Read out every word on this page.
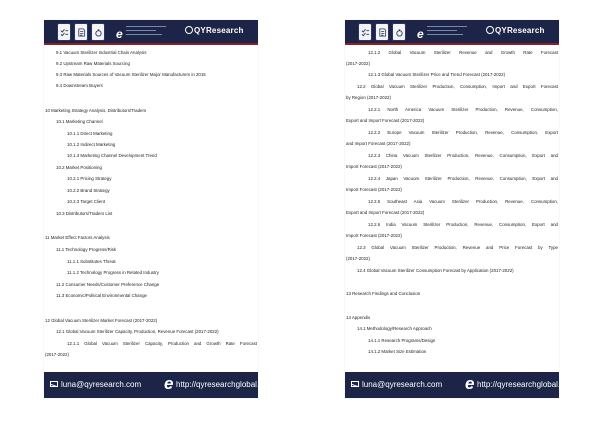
e	QYResearch
9.1 Vacuum Sterilizer Industrial Chain Analysis
9.2 Upstream Raw Materials Sourcing
9.3 Raw Materials Sources of Vacuum Sterilizer Major Manufacturers in 2015
9.4 Downstream Buyers
10 Marketing Strategy Analysis, Distributors/Traders
10.1 Marketing Channel
10.1.1 Direct Marketing
10.1.2 Indirect Marketing
10.1.3 Marketing Channel Development Trend
10.2 Market Positioning
10.2.1 Pricing Strategy
10.2.2 Brand Strategy
10.2.3 Target Client
10.3 Distributors/Traders List
11 Market Effect Factors Analysis
11.1 Technology Progress/Risk
11.1.1 Substitutes Threat
11.1.2 Technology Progress in Related Industry
11.2 Consumer Needs/Customer Preference Change
11.3 Economic/Political Environmental Change
12 Global Vacuum Sterilizer Market Forecast (2017-2022)
12.1 Global Vacuum Sterilizer Capacity, Production, Revenue Forecast (2017-2022)
12.1.1 Global Vacuum Sterilizer Capacity, Production and Growth Rate Forecast
(2017-2022)
luna@qyresearch.com e http://qyresearchglobal.com
e	QYResearch
12.1.2 Global Vacuum Sterilizer Revenue and Growth Rate Forecast
(2017-2022)
12.1.3 Global Vacuum Sterilizer Price and Trend Forecast (2017-2022)
12.2 Global Vacuum Sterilizer Production, Consumption, Import and Export Forecast
by Region (2017-2022)
12.2.1 North America Vacuum Sterilizer Production, Revenue, Consumption,
Export and Import Forecast (2017-2022)
12.2.2 Europe Vacuum Sterilizer Production, Revenue, Consumption, Export
and Import Forecast (2017-2022)
12.2.3 China Vacuum Sterilizer Production, Revenue, Consumption, Export and
Import Forecast (2017-2022)
12.2.4 Japan Vacuum Sterilizer Production, Revenue, Consumption, Export and
Import Forecast (2017-2022)
12.2.5 Southeast Asia Vacuum Sterilizer Production, Revenue, Consumption,
Export and Import Forecast (2017-2022)
12.2.6 India Vacuum Sterilizer Production, Revenue, Consumption, Export and
Import Forecast (2017-2022)
12.3 Global Vacuum Sterilizer Production, Revenue and Price Forecast by Type
(2017-2022)
12.4 Global Vacuum Sterilizer Consumption Forecast by Application (2017-2022)
13 Research Findings and Conclusion
14 Appendix
14.1 Methodology/Research Approach
14.1.1 Research Programs/Design
14.1.2 Market Size Estimation
luna@qyresearch.com e http://qyresearchglobal.com
